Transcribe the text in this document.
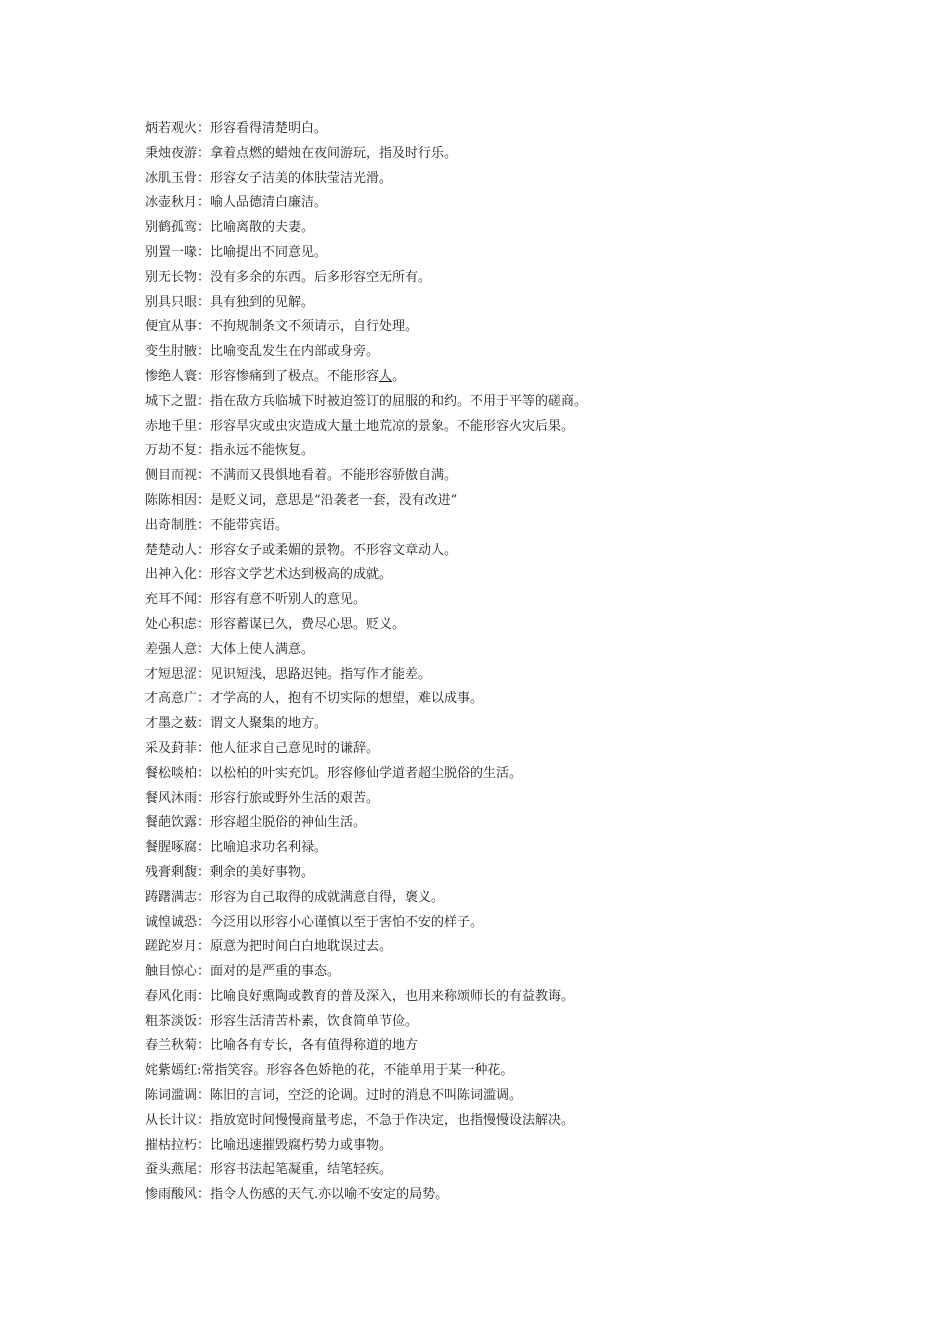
炳若观火：形容看得清楚明白。
秉烛夜游：拿着点燃的蜡烛在夜间游玩，指及时行乐。
冰肌玉骨：形容女子洁美的体肤莹洁光滑。
冰壶秋月：喻人品德清白廉洁。
别鹤孤鸾：比喻离散的夫妻。
别置一喙：比喻提出不同意见。
别无长物：没有多余的东西。后多形容空无所有。
别具只眼：具有独到的见解。
便宜从事：不拘规制条文不须请示，自行处理。
变生肘腋：比喻变乱发生在内部或身旁。
惨绝人寰：形容惨痛到了极点。不能形容人。
城下之盟：指在敌方兵临城下时被迫签订的屈服的和约。不用于平等的磋商。
赤地千里：形容旱灾或虫灾造成大量土地荒凉的景象。不能形容火灾后果。
万劫不复：指永远不能恢复。
侧目而视：不满而又畏惧地看着。不能形容骄傲自满。
陈陈相因：是贬义词，意思是“沿袭老一套，没有改进”
出奇制胜：不能带宾语。
楚楚动人：形容女子或柔媚的景物。不形容文章动人。
出神入化：形容文学艺术达到极高的成就。
充耳不闻：形容有意不听别人的意见。
处心积虑：形容蓄谋已久，费尽心思。贬义。
差强人意：大体上使人满意。
才短思涩：见识短浅，思路迟钝。指写作才能差。
才高意广：才学高的人，抱有不切实际的想望，难以成事。
才墨之薮：谓文人聚集的地方。
采及葑菲：他人征求自己意见时的谦辞。
餐松啖柏：以松柏的叶实充饥。形容修仙学道者超尘脱俗的生活。
餐风沐雨：形容行旅或野外生活的艰苦。
餐葩饮露：形容超尘脱俗的神仙生活。
餐腥啄腐：比喻追求功名利禄。
残膏剩馥：剩余的美好事物。
踌躇满志：形容为自己取得的成就满意自得，褒义。
诚惶诚恐：今泛用以形容小心谨慎以至于害怕不安的样子。
蹉跎岁月：原意为把时间白白地耽误过去。
触目惊心：面对的是严重的事态。
春风化雨：比喻良好熏陶或教育的普及深入，也用来称颂师长的有益教诲。
粗茶淡饭：形容生活清苦朴素，饮食简单节俭。
春兰秋菊：比喻各有专长，各有值得称道的地方
姹紫嫣红:常指笑容。形容各色娇艳的花，不能单用于某一种花。
陈词滥调：陈旧的言词，空泛的论调。过时的消息不叫陈词滥调。
从长计议：指放宽时间慢慢商量考虑，不急于作决定，也指慢慢设法解决。
摧枯拉朽：比喻迅速摧毁腐朽势力或事物。
蚕头燕尾：形容书法起笔凝重，结笔轻疾。
惨雨酸风：指令人伤感的天气.亦以喻不安定的局势。
